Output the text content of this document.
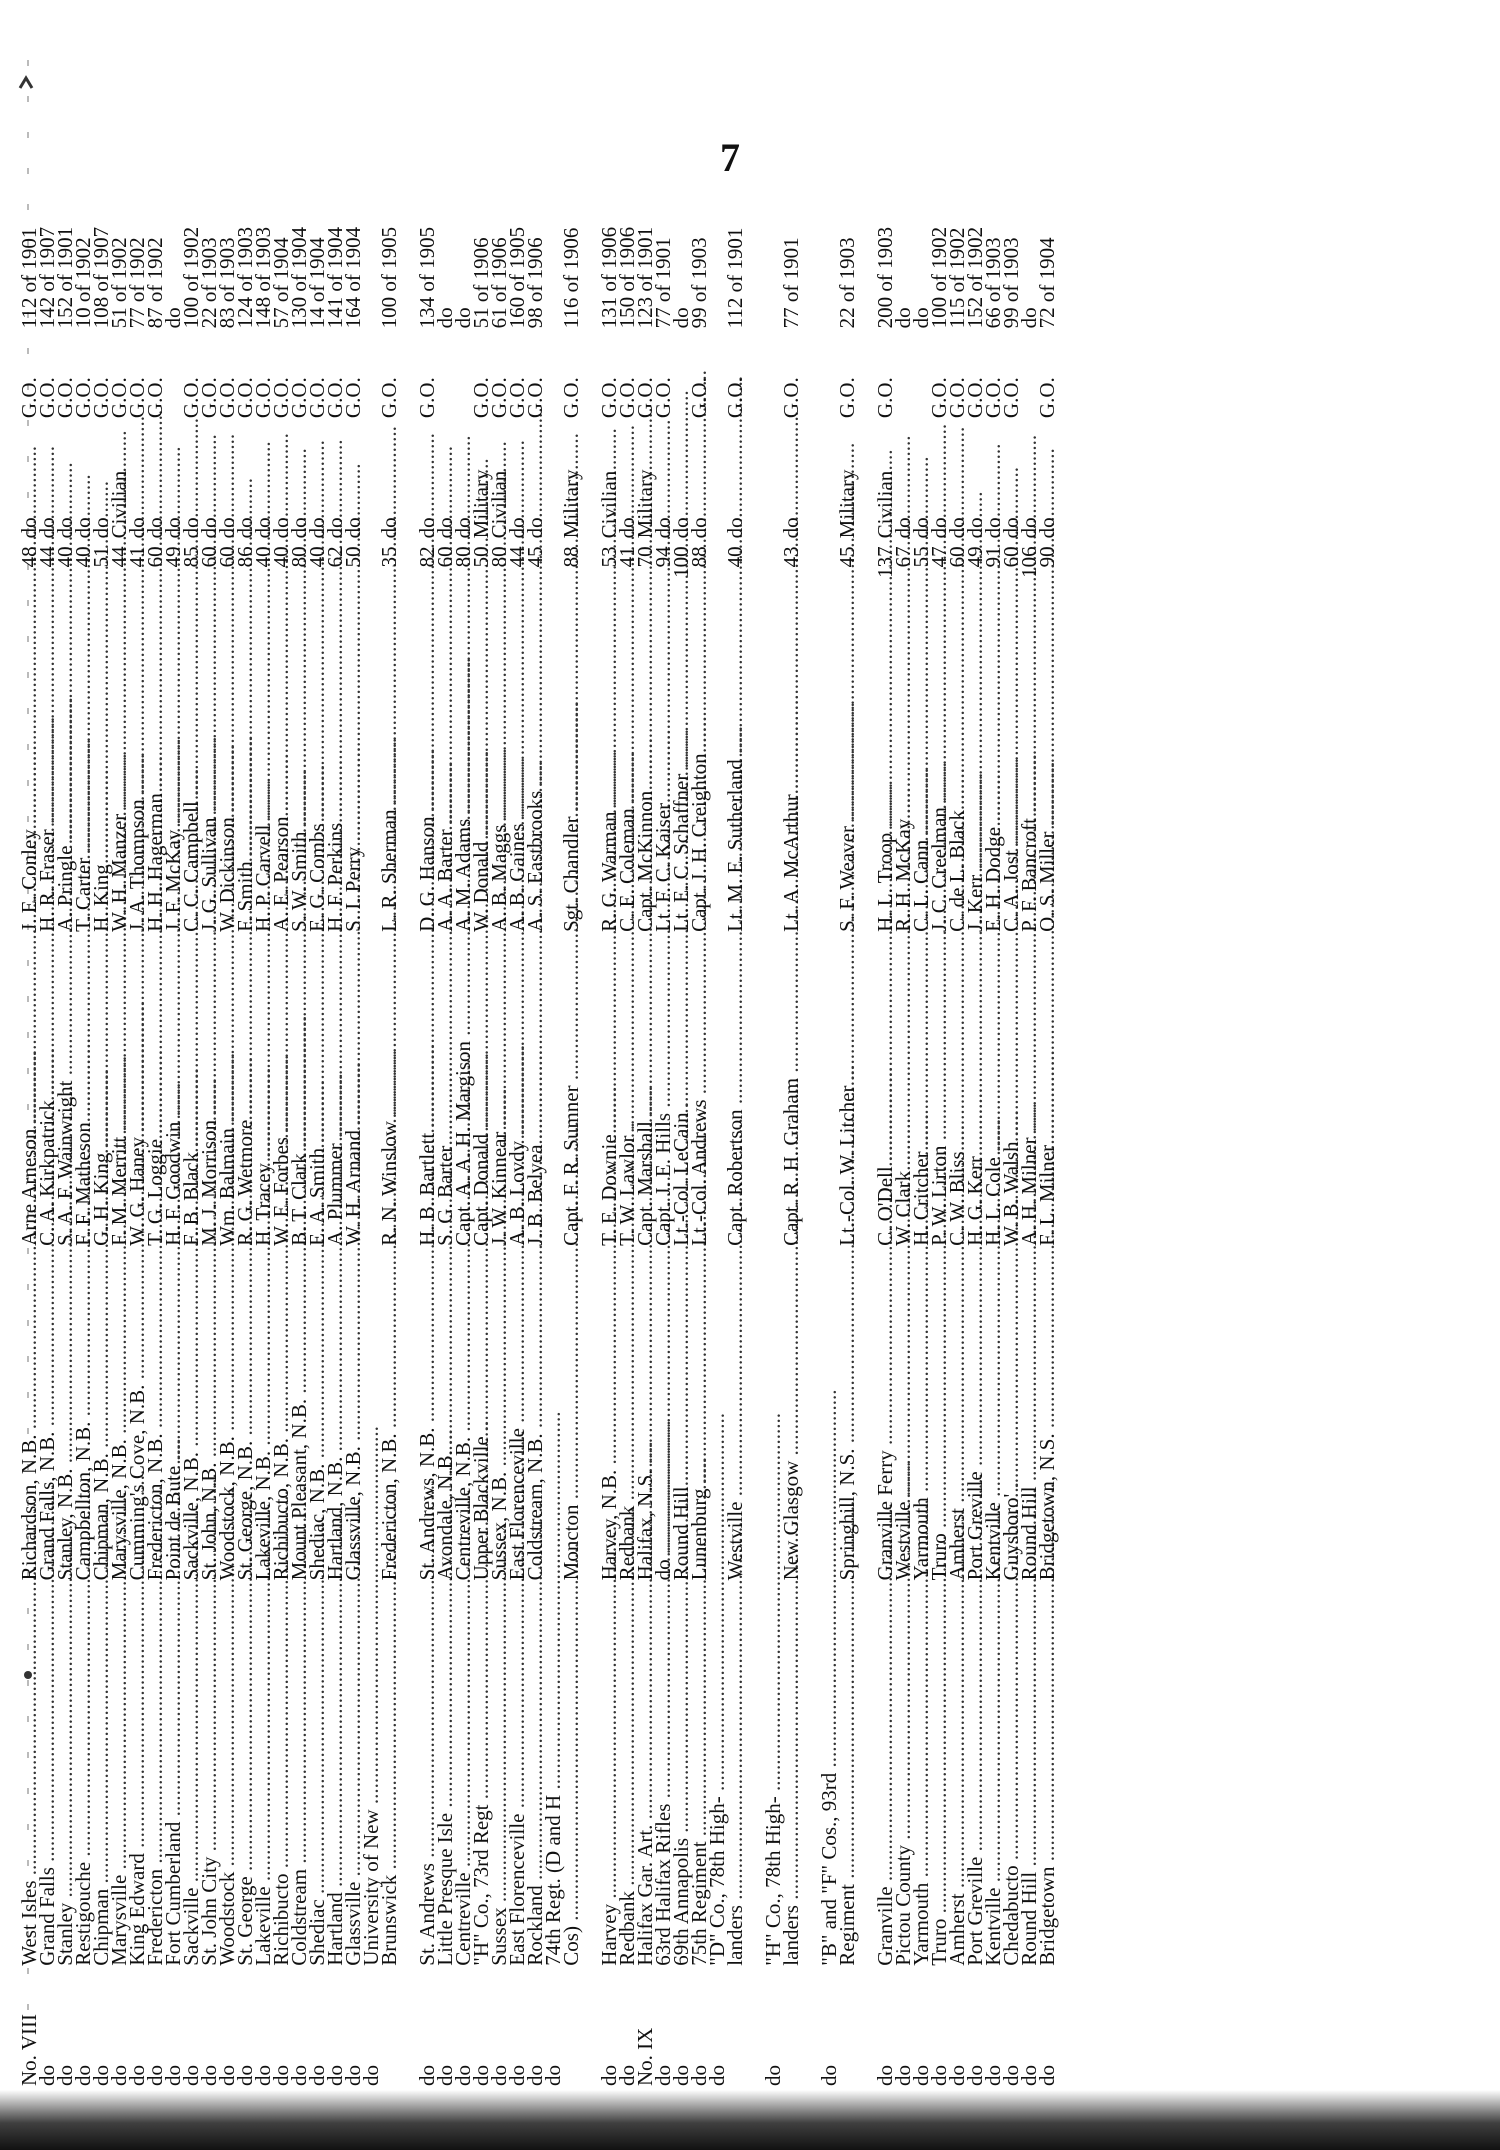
7
No. VIII	West Isles .....	Richardson, N.B. .....	Arne Arneson .....	J. E. Conley .....	48	do	G.O.	112 of 1901
do	Grand Falls .....	Grand Falls, N.B. .....	C. A. Kirkpatrick .....	H. R. Fraser .....	44	do	G.O.	142 of 1907
do	Stanley .....	Stanley, N.B. .....	S. A. F. Wainwright .....	A. Pringle .....	40	do	G.O.	152 of 1901
do	Restigouche .....	Campbellton, N.B. .....	F. F. Matheson .....	T. Carter .....	40	do	G.O.	10 of 1902
do	Chipman .....	Chipman, N.B. .....	G. H. King .....	H. King .....	51	do	G.O.	108 of 1907
do	Marysville .....	Marysville, N.B. .....	F. M. Merritt .....	W. H. Manzer .....	44	Civilian	G.O.	51 of 1902
do	King Edward .....	Cumming's Cove, N.B. .....	W. G. Haney .....	J. A. Thompson .....	41	do	G.O.	77 of 1902
do	Fredericton .....	Fredericton, N.B. .....	T. G. Loggie .....	H. H. Hagerman .....	60	do	G.O.	87 of 1902
do	Fort Cumberland .....	Point de Bute .....	H. F. Goodwin .....	J. F. McKay .....	49	do		do
do	Sackville .....	Sackville, N.B. .....	F. B. Black .....	C. C. Campbell .....	85	do	G.O.	100 of 1902
do	St. John City .....	St. John, N.B. .....	M. J. Morrison .....	J. G. Sullivan .....	60	do	G.O.	22 of 1903
do	Woodstock .....	Woodstock, N.B. .....	Wm. Balmain .....	W. Dickinson .....	60	do	G.O.	83 of 1903
do	St. George .....	St. George, N.B. .....	R. G. Wetmore .....	F. Smith .....	86	do	G.O.	124 of 1903
do	Lakeville .....	Lakeville, N.B. .....	H. Tracey .....	H. P. Carvell .....	40	do	G.O.	148 of 1903
do	Richibucto .....	Richibucto, N.B. .....	W. E. Forbes .....	A. E. Pearson .....	40	do	G.O.	57 of 1904
do	Coldstream .....	Mount Pleasant, N.B. .....	B. T. Clark .....	S. W. Smith .....	80	do	G.O.	130 of 1904
do	Shediac .....	Shediac, N.B. .....	E. A. Smith .....	E. G. Combs .....	40	do	G.O.	14 of 1904
do	Hartland .....	Hartland, N.B. .....	A. Plummer .....	H. F. Perkins .....	62	do	G.O.	141 of 1904
do	Glassville .....	Glassville, N.B. .....	W. H. Arnand .....	S. I. Perry .....	50	do	G.O.	164 of 1904
do	University of New .....							
	Brunswick .....	Fredericton, N.B. .....	R. N. Winslow .....	L. R. Sherman .....	35	do	G.O.	100 of 1905
do	St. Andrews .....	St. Andrews, N.B. .....	H. B. Bartlett .....	D. G. Hanson .....	82	do	G.O.	134 of 1905
do	Little Presque Isle .....	Avondale, N.B. .....	S. G. Barter .....	A. A. Barter .....	60	do		do
do	Centreville .....	Centreville, N.B. .....	Capt. A. A. H. Margison .....	A. M. Adams .....	80	do		do
do	"H" Co., 73rd Regt .....	Upper Blackville .....	Capt. Donald .....	W. Donald .....	50	Military	G.O.	51 of 1906
do	Sussex .....	Sussex, N.B. .....	J. W. Kinnear .....	A. B. Maggs .....	80	Civilian	G.O.	61 of 1906
do	East Florenceville .....	East Florenceville .....	A. B. Lovdy .....	A. B. Gaines .....	44	do	G.O.	160 of 1905
do	Rockland .....	Coldstream, N.B. .....	J. B. Belyea .....	A. S. Eastbrooks .....	45	do	G.O.	98 of 1906
do	74th Regt. (D and H .....							
	Cos) .....	Moncton .....	Capt. F. R. Sumner .....	Sgt. Chandler .....	88	Military	G.O.	116 of 1906
do	Harvey .....	Harvey, N.B. .....	T. E. Downie .....	R. G. Warman .....	53	Civilian	G.O.	131 of 1906
do	Redbank .....	Redbank .....	T. W. Lawlor .....	C. E. Coleman .....	41	do	G.O.	150 of 1906
No. IX	Halifax Gar. Art. .....	Halifax, N.S. .....	Capt. Marshall .....	Capt. McKinnon .....	70	Military	G.O.	123 of 1901
do	63rd Halifax Rifles .....	do .....	Capt. J. E. Hills .....	Lt. F. C. Kaiser .....	94	do	G.O.	77 of 1901
do	69th Annapolis .....	Round Hill .....	Lt.-Col. LeCain .....	Lt. E. C. Schaffner .....	100	do		do
do	75th Regiment .....	Lunenburg .....	Lt.-Col. Andrews .....	Capt. J. H. Creighton .....	88	do	G.O.	99 of 1903
do	"D" Co., 78th High- .....							
	landers .....	Westville .....	Capt. Robertson .....	Lt. M. E. Sutherland .....	40	do	G.O.	112 of 1901
do	"H" Co., 78th High- .....							
	landers .....	New Glasgow .....	Capt. R. H. Graham .....	Lt. A. McArthur .....	43	do	G.O.	77 of 1901
do	"B" and "F" Cos., 93rd .....							
	Regiment .....	Springhill, N.S. .....	Lt.-Col. W. Litcher .....	S. F. Weaver .....	45	Military	G.O.	22 of 1903
do	Granville .....	Granville Ferry .....	C. O'Dell .....	H. L. Troop .....	137	Civilian	G.O.	200 of 1903
do	Pictou County .....	Westville .....	W. Clark .....	R. H. McKay .....	67	do		do
do	Yarmouth .....	Yarmouth .....	H. Critcher .....	C. L. Cann .....	55	do		do
do	Truro .....	Truro .....	P. W. Lirton .....	J. C. Creelman .....	47	do	G.O.	100 of 1902
do	Amherst .....	Amherst .....	C. W. Bliss .....	C. de L. Black .....	60	do	G.O.	115 of 1902
do	Port Greville .....	Port Greville .....	H. G. Kerr .....	J. Kerr .....	49	do	G.O.	152 of 1902
do	Kentville .....	Kentville .....	H. L. Cole .....	E. H. Dodge .....	91	do	G.O.	66 of 1903
do	Chedabucto .....	Guysboro' .....	W. B. Walsh .....	C. A. Jost .....	60	do	G.O.	99 of 1903
do	Round Hill .....	Round Hill .....	A. H. Milner .....	P. F. Bancroft .....	106	do		do
do	Bridgetown .....	Bridgetown, N.S. .....	F. L. Milner .....	O. S. Miller .....	90	do	G.O.	72 of 1904
